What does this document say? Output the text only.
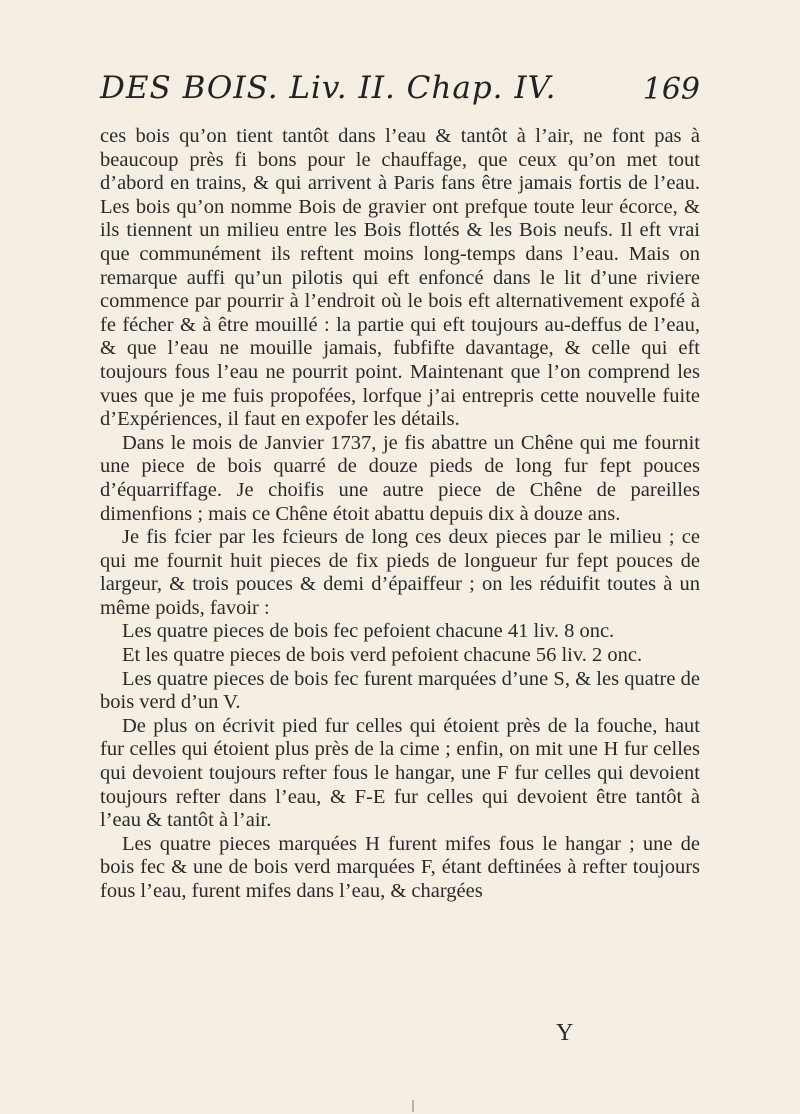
DES BOIS. Liv. II. Chap. IV.	169

ces bois qu’on tient tantôt dans l’eau & tantôt à l’air, ne font pas à beaucoup près fi bons pour le chauffage, que ceux qu’on met tout d’abord en trains, & qui arrivent à Paris fans être jamais fortis de l’eau. Les bois qu’on nomme Bois de gravier ont prefque toute leur écorce, & ils tiennent un milieu entre les Bois flottés & les Bois neufs. Il eft vrai que communément ils reftent moins long-temps dans l’eau. Mais on remarque auffi qu’un pilotis qui eft enfoncé dans le lit d’une riviere commence par pourrir à l’endroit où le bois eft alternativement expofé à fe fécher & à être mouillé : la partie qui eft toujours au-deffus de l’eau, & que l’eau ne mouille jamais, fubfifte davantage, & celle qui eft toujours fous l’eau ne pourrit point. Maintenant que l’on comprend les vues que je me fuis propofées, lorfque j’ai entrepris cette nouvelle fuite d’Expériences, il faut en expofer les détails.

Dans le mois de Janvier 1737, je fis abattre un Chêne qui me fournit une piece de bois quarré de douze pieds de long fur fept pouces d’équarriffage. Je choifis une autre piece de Chêne de pareilles dimenfions ; mais ce Chêne étoit abattu depuis dix à douze ans.

Je fis fcier par les fcieurs de long ces deux pieces par le milieu ; ce qui me fournit huit pieces de fix pieds de longueur fur fept pouces de largeur, & trois pouces & demi d’épaiffeur ; on les réduifit toutes à un même poids, favoir :

Les quatre pieces de bois fec pefoient chacune 41 liv. 8 onc.

Et les quatre pieces de bois verd pefoient chacune 56 liv. 2 onc.

Les quatre pieces de bois fec furent marquées d’une S, & les quatre de bois verd d’un V.

De plus on écrivit pied fur celles qui étoient près de la fouche, haut fur celles qui étoient plus près de la cime ; enfin, on mit une H fur celles qui devoient toujours refter fous le hangar, une F fur celles qui devoient toujours refter dans l’eau, & F-E fur celles qui devoient être tantôt à l’eau & tantôt à l’air.

Les quatre pieces marquées H furent mifes fous le hangar ; une de bois fec & une de bois verd marquées F, étant deftinées à refter toujours fous l’eau, furent mifes dans l’eau, & chargées

Y
